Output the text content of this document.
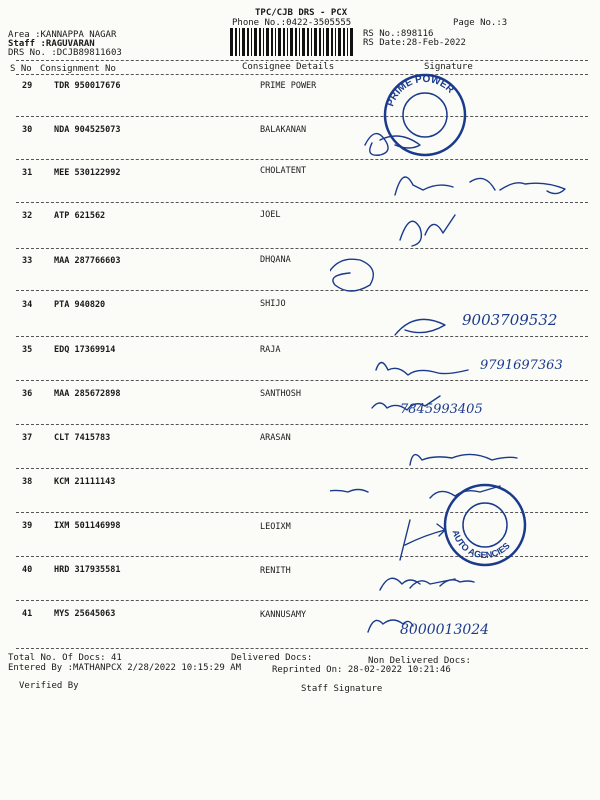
TPC/CJB DRS - PCX
Phone No.:0422-3505555	Page No.:3
Area :KANNAPPA NAGAR
Staff :RAGUVARAN
DRS No. :DCJB89811603
RS No.:898116
RS Date:28-Feb-2022
S No Consignment No	Consignee Details	Signature
29	TDR 950017676	PRIME POWER
30	NDA 904525073	BALAKANAN
31	MEE 530122992	CHOLATENT
32	ATP 621562	JOEL
33	MAA 287766603	DHQANA
34	PTA 940820	SHIJO
35	EDQ 17369914	RAJA
36	MAA 285672898	SANTHOSH
37	CLT 7415783	ARASAN
38	KCM 21111143
39	IXM 501146998	LEOIXM
40	HRD 317935581	RENITH
41	MYS 25645063	KANNUSAMY
Total No. Of Docs: 41	Delivered Docs:	Non Delivered Docs:
Entered By :MATHANPCX 2/28/2022 10:15:29 AM	Reprinted On: 28-02-2022 10:21:46
Verified By	Staff Signature
9003709532
9791697363
7845993405
8000013024
PRIME POWER
AUTO AGENCIES
